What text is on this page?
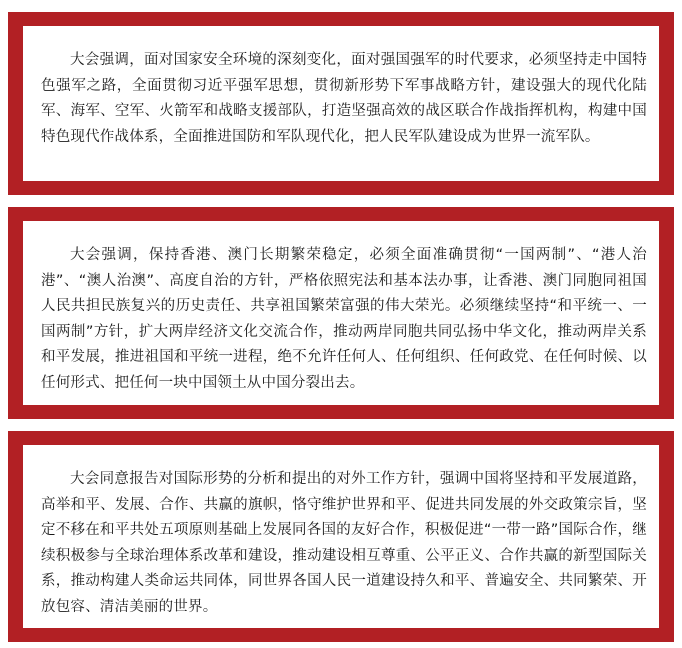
大会强调，面对国家安全环境的深刻变化，面对强国强军的时代要求，必须坚持走中国特色强军之路，全面贯彻习近平强军思想，贯彻新形势下军事战略方针，建设强大的现代化陆军、海军、空军、火箭军和战略支援部队，打造坚强高效的战区联合作战指挥机构，构建中国特色现代作战体系，全面推进国防和军队现代化，把人民军队建设成为世界一流军队。

大会强调，保持香港、澳门长期繁荣稳定，必须全面准确贯彻“一国两制”、“港人治港”、“澳人治澳”、高度自治的方针，严格依照宪法和基本法办事，让香港、澳门同胞同祖国人民共担民族复兴的历史责任、共享祖国繁荣富强的伟大荣光。必须继续坚持“和平统一、一国两制”方针，扩大两岸经济文化交流合作，推动两岸同胞共同弘扬中华文化，推动两岸关系和平发展，推进祖国和平统一进程，绝不允许任何人、任何组织、任何政党、在任何时候、以任何形式、把任何一块中国领土从中国分裂出去。

大会同意报告对国际形势的分析和提出的对外工作方针，强调中国将坚持和平发展道路，高举和平、发展、合作、共赢的旗帜，恪守维护世界和平、促进共同发展的外交政策宗旨，坚定不移在和平共处五项原则基础上发展同各国的友好合作，积极促进“一带一路”国际合作，继续积极参与全球治理体系改革和建设，推动建设相互尊重、公平正义、合作共赢的新型国际关系，推动构建人类命运共同体，同世界各国人民一道建设持久和平、普遍安全、共同繁荣、开放包容、清洁美丽的世界。
